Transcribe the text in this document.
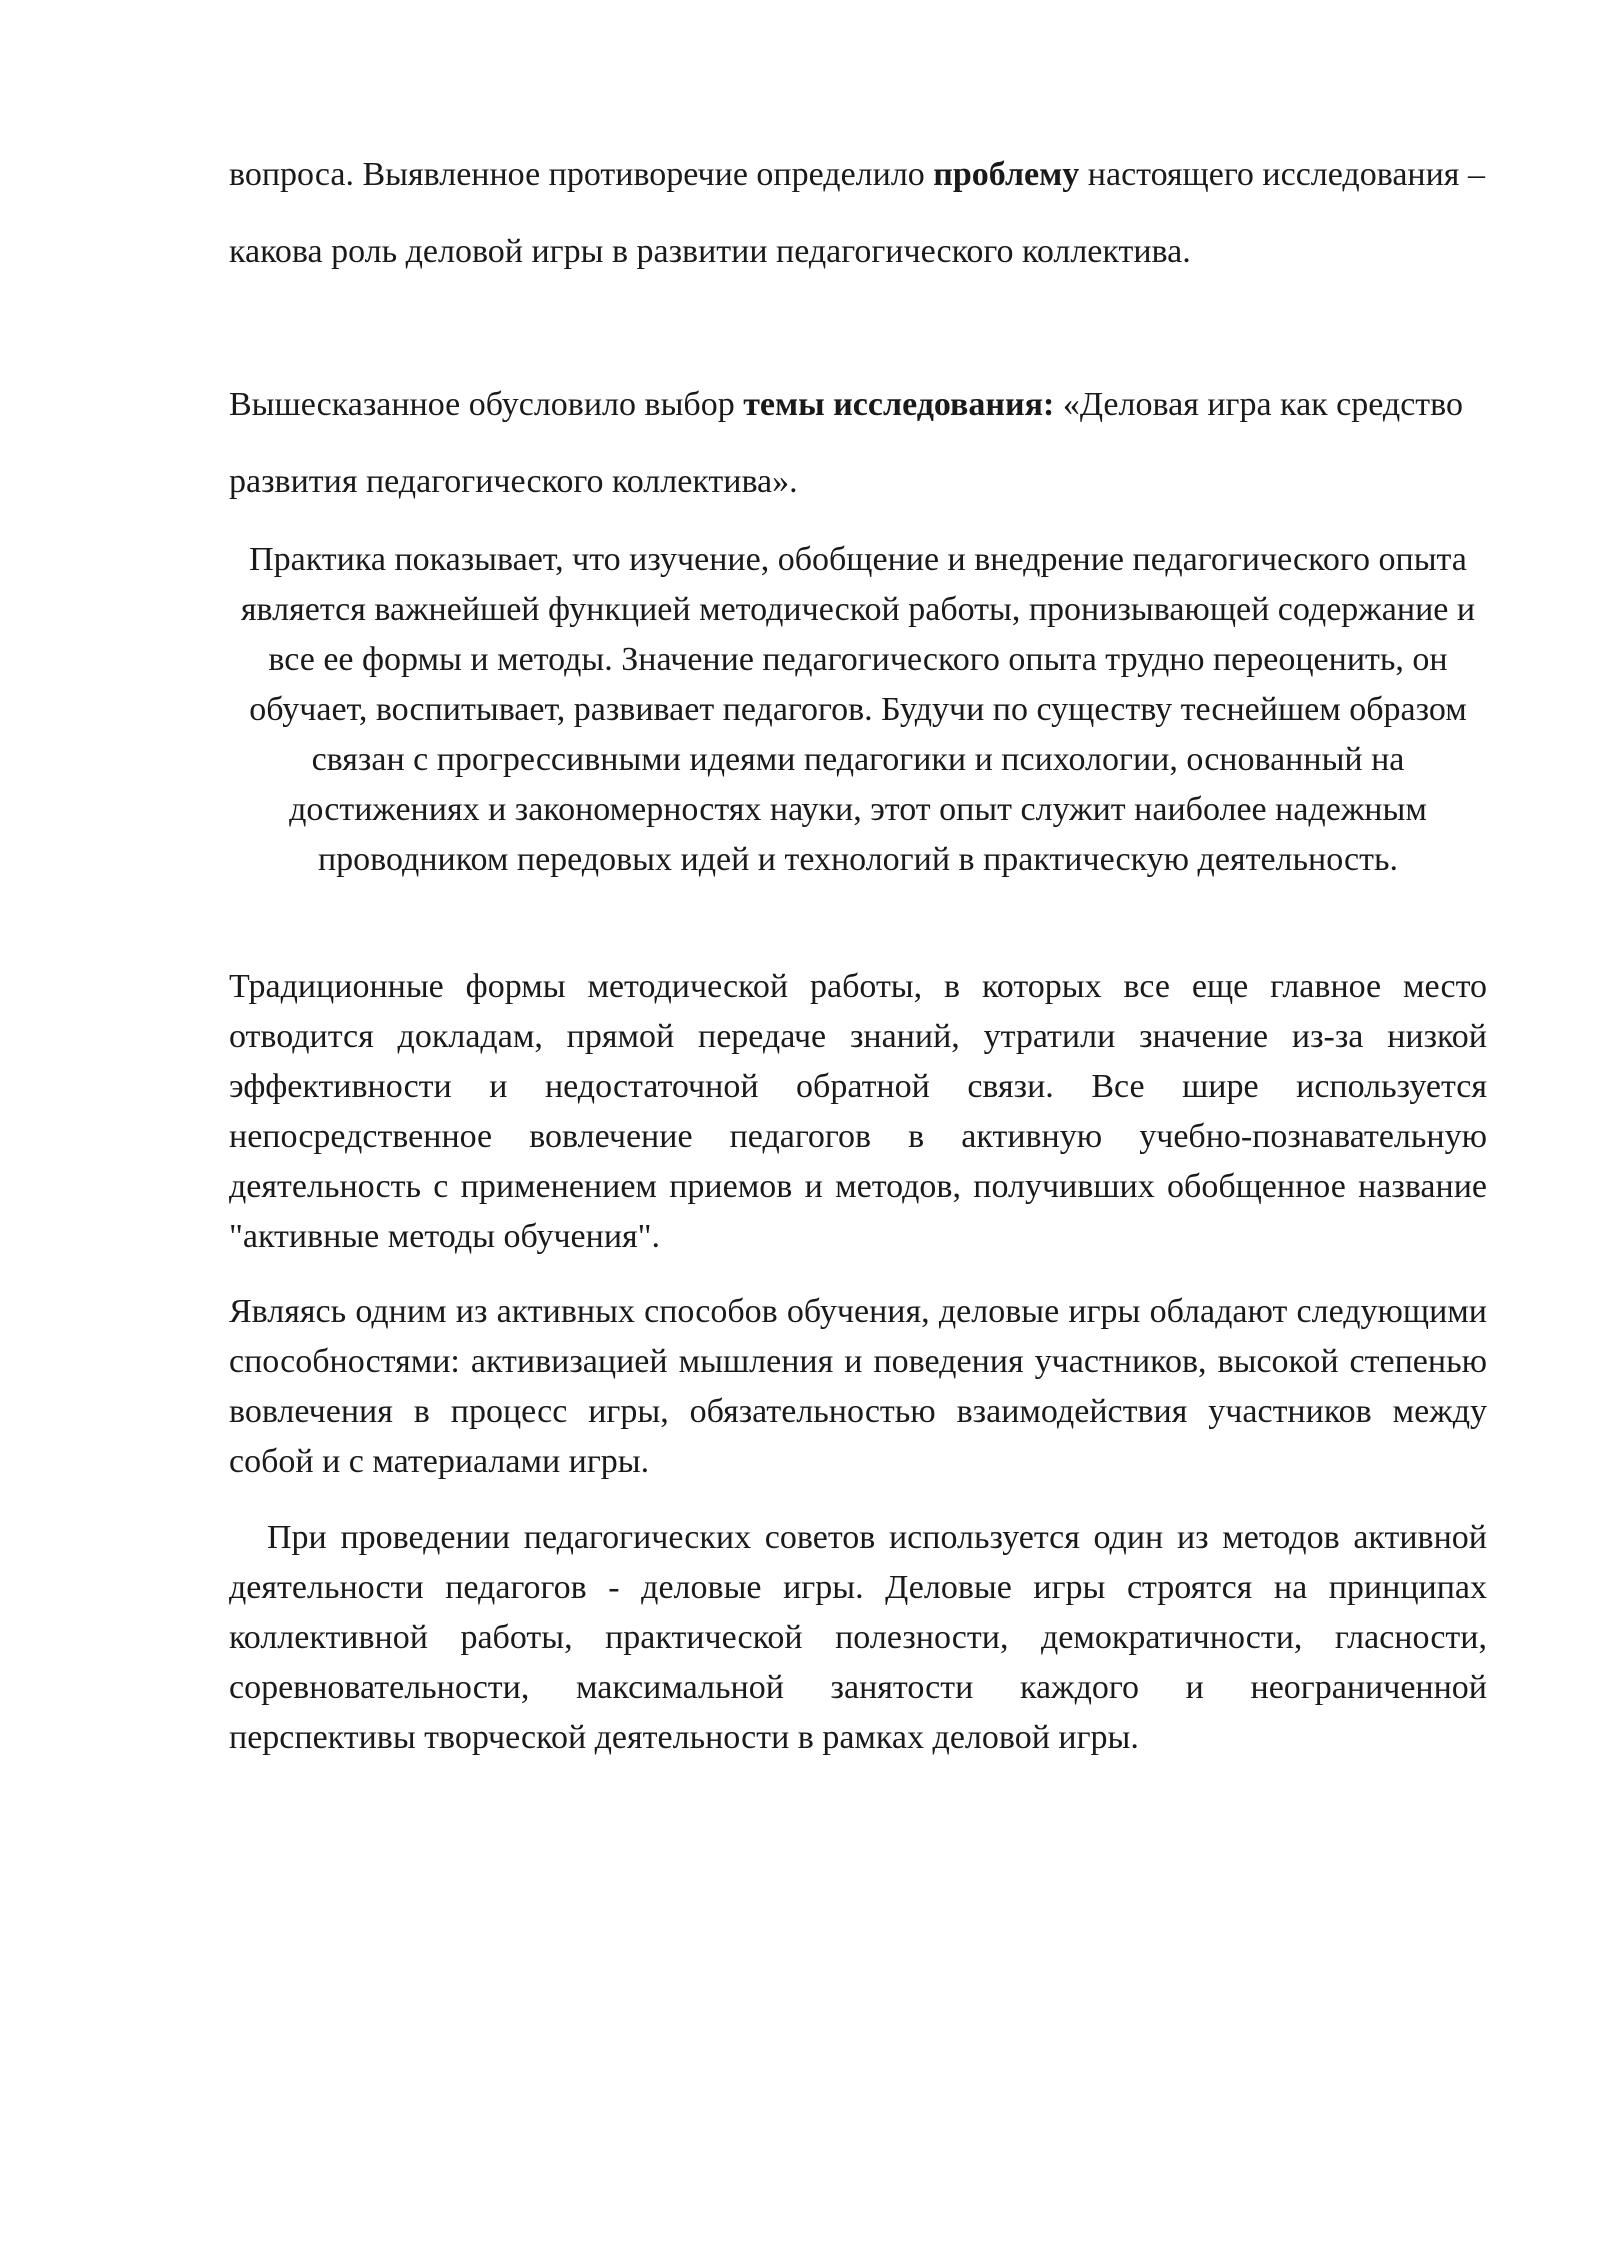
вопроса. Выявленное противоречие определило проблему настоящего исследования – какова роль деловой игры в развитии педагогического коллектива.

Вышесказанное обусловило выбор темы исследования: «Деловая игра как средство развития педагогического коллектива».

Практика показывает, что изучение, обобщение и внедрение педагогического опыта является важнейшей функцией методической работы, пронизывающей содержание и все ее формы и методы. Значение педагогического опыта трудно переоценить, он обучает, воспитывает, развивает педагогов. Будучи по существу теснейшем образом связан с прогрессивными идеями педагогики и психологии, основанный на достижениях и закономерностях науки, этот опыт служит наиболее надежным проводником передовых идей и технологий в практическую деятельность.

Традиционные формы методической работы, в которых все еще главное место отводится докладам, прямой передаче знаний, утратили значение из-за низкой эффективности и недостаточной обратной связи. Все шире используется непосредственное вовлечение педагогов в активную учебно-познавательную деятельность с применением приемов и методов, получивших обобщенное название "активные методы обучения".

Являясь одним из активных способов обучения, деловые игры обладают следующими способностями: активизацией мышления и поведения участников, высокой степенью вовлечения в процесс игры, обязательностью взаимодействия участников между собой и с материалами игры.

При проведении педагогических советов используется один из методов активной деятельности педагогов - деловые игры. Деловые игры строятся на принципах коллективной работы, практической полезности, демократичности, гласности, соревновательности, максимальной занятости каждого и неограниченной перспективы творческой деятельности в рамках деловой игры.
